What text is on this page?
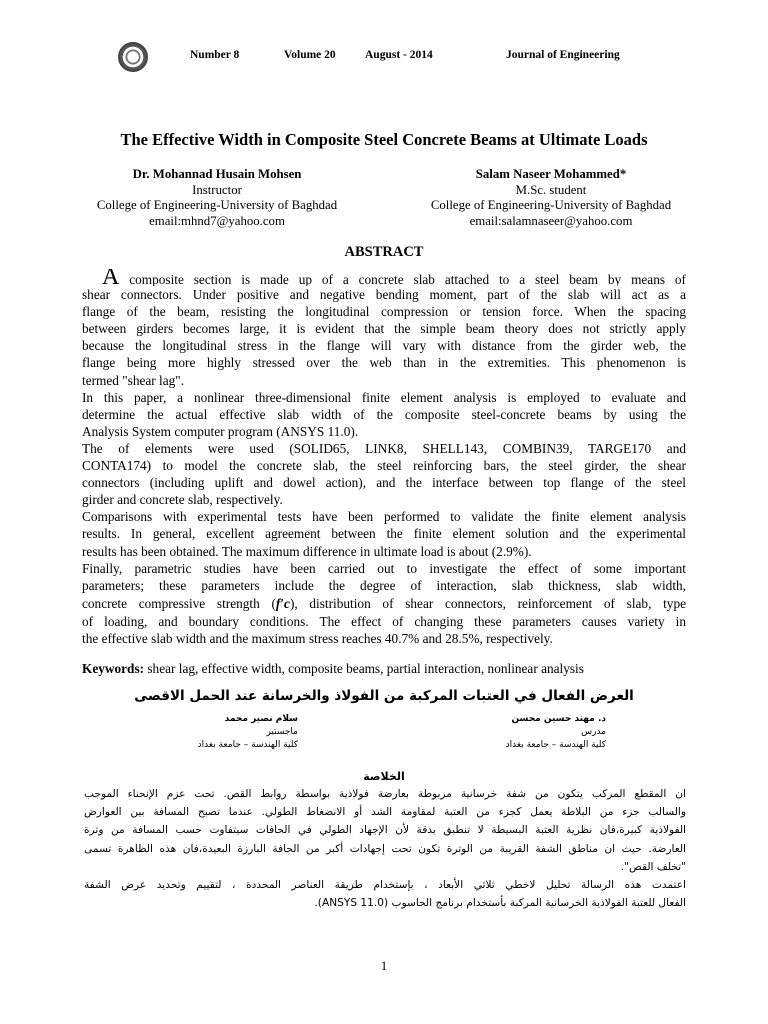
Number 8	Volume 20	August - 2014	Journal of Engineering
The Effective Width in Composite Steel Concrete Beams at Ultimate Loads
Dr. Mohannad Husain Mohsen
Instructor
College of Engineering-University of Baghdad
email:mhnd7@yahoo.com
Salam Naseer Mohammed*
M.Sc. student
College of Engineering-University of Baghdad
email:salamnaseer@yahoo.com
ABSTRACT
A composite section is made up of a concrete slab attached to a steel beam by means of
shear connectors. Under positive and negative bending moment, part of the slab will act as a
flange of the beam, resisting the longitudinal compression or tension force. When the spacing
between girders becomes large, it is evident that the simple beam theory does not strictly apply
because the longitudinal stress in the flange will vary with distance from the girder web, the
flange being more highly stressed over the web than in the extremities. This phenomenon is
termed "shear lag".
In this paper, a nonlinear three-dimensional finite element analysis is employed to evaluate and
determine the actual effective slab width of the composite steel-concrete beams by using the
Analysis System computer program (ANSYS 11.0).
The of elements were used (SOLID65, LINK8, SHELL143, COMBIN39, TARGE170 and
CONTA174) to model the concrete slab, the steel reinforcing bars, the steel girder, the shear
connectors (including uplift and dowel action), and the interface between top flange of the steel
girder and concrete slab, respectively.
Comparisons with experimental tests have been performed to validate the finite element analysis
results. In general, excellent agreement between the finite element solution and the experimental
results has been obtained. The maximum difference in ultimate load is about (2.9%).
Finally, parametric studies have been carried out to investigate the effect of some important
parameters; these parameters include the degree of interaction, slab thickness, slab width,
concrete compressive strength (f′c), distribution of shear connectors, reinforcement of slab, type
of loading, and boundary conditions. The effect of changing these parameters causes variety in
the effective slab width and the maximum stress reaches 40.7% and 28.5%, respectively.
Keywords: shear lag, effective width, composite beams, partial interaction, nonlinear analysis
العرض الفعال في العتبات المركبة من الفولاذ والخرسانة عند الحمل الاقصى
د. مهند حسين محسن
مدرس
كلية الهندسة – جامعة بغداد
سلام نصير محمد
ماجستير
كلية الهندسة – جامعة بغداد
الخلاصة
ان المقطع المركب يتكون من شفة خرسانية مربوطة بعارضة فولاذية بواسطة روابط القص. تحت عزم الإنحناء الموجب
والسالب جزء من البلاطة يعمل كجزء من العتبة لمقاومة الشد أو الانضغاط الطولي. عندما تصبح المسافة بين العوارض
الفولاذية كبيرة،فان نظرية العتبة البسيطة لا تنطبق بدقة لأن الإجهاد الطولي في الحافات سيتفاوت حسب المسافة من وترة
العارضة. حيث ان مناطق الشفة القريبة من الوترة تكون تحت إجهادات أكبر من الحافة البارزة البعيدة،فان هذه الظاهرة تسمى
"تخلف القص".
اعتمدت هذه الرسالة تحليل لاخطي ثلاثي الأبعاد ، بإستخدام طريقة العناصر المحددة ، لتقييم وتحديد عرض الشفة
الفعال للعتبة الفولاذية الخرسانية المركبة بأستخدام برنامج الحاسوب (ANSYS 11.0).
1
